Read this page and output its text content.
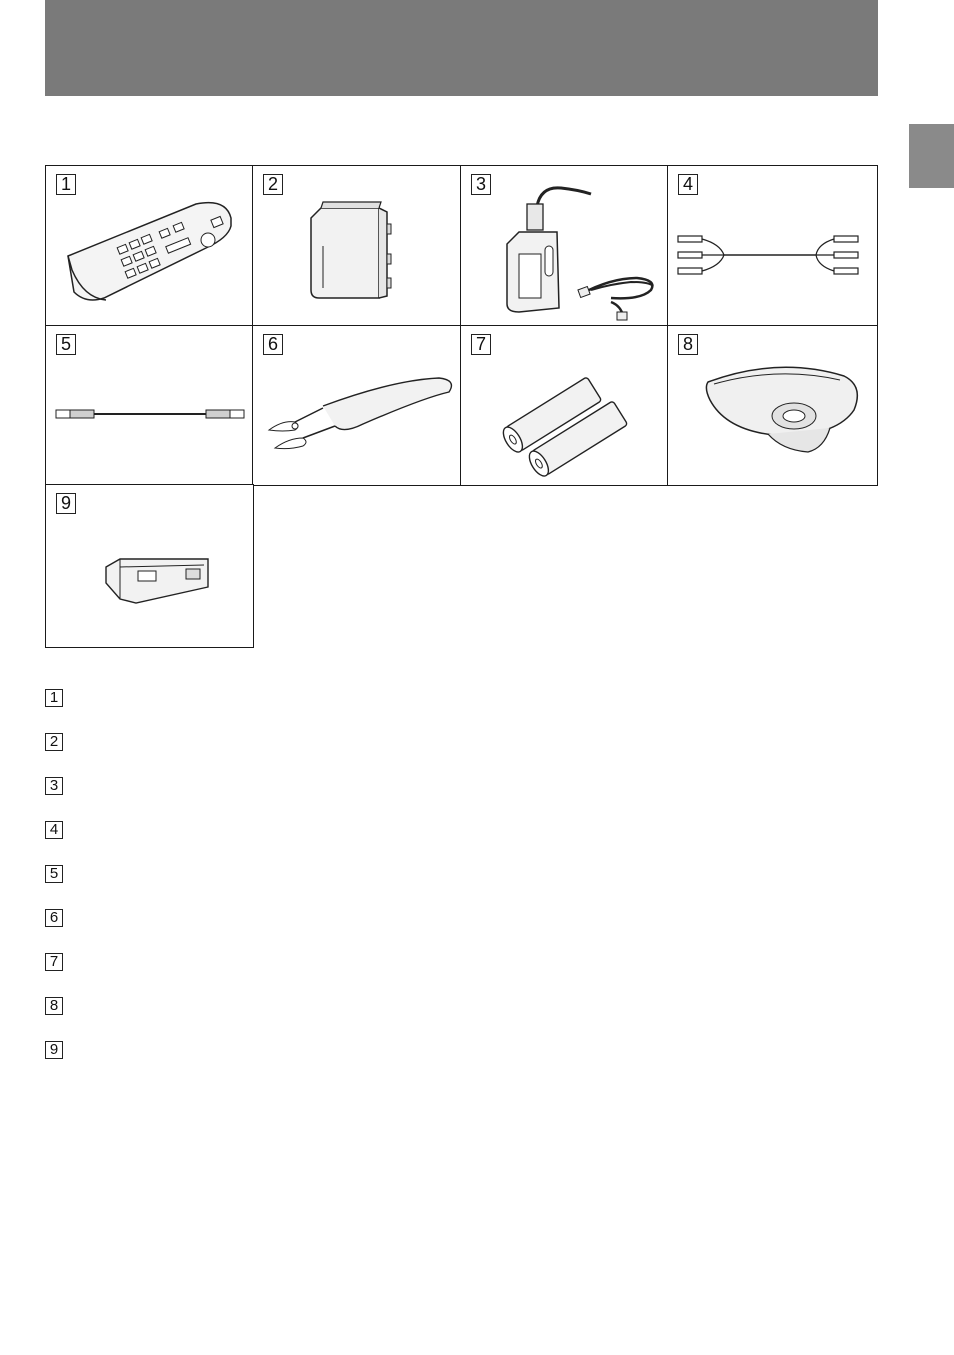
1	2	3	4
5	6	7	8
9
1
2
3
4
5
6
7
8
9
